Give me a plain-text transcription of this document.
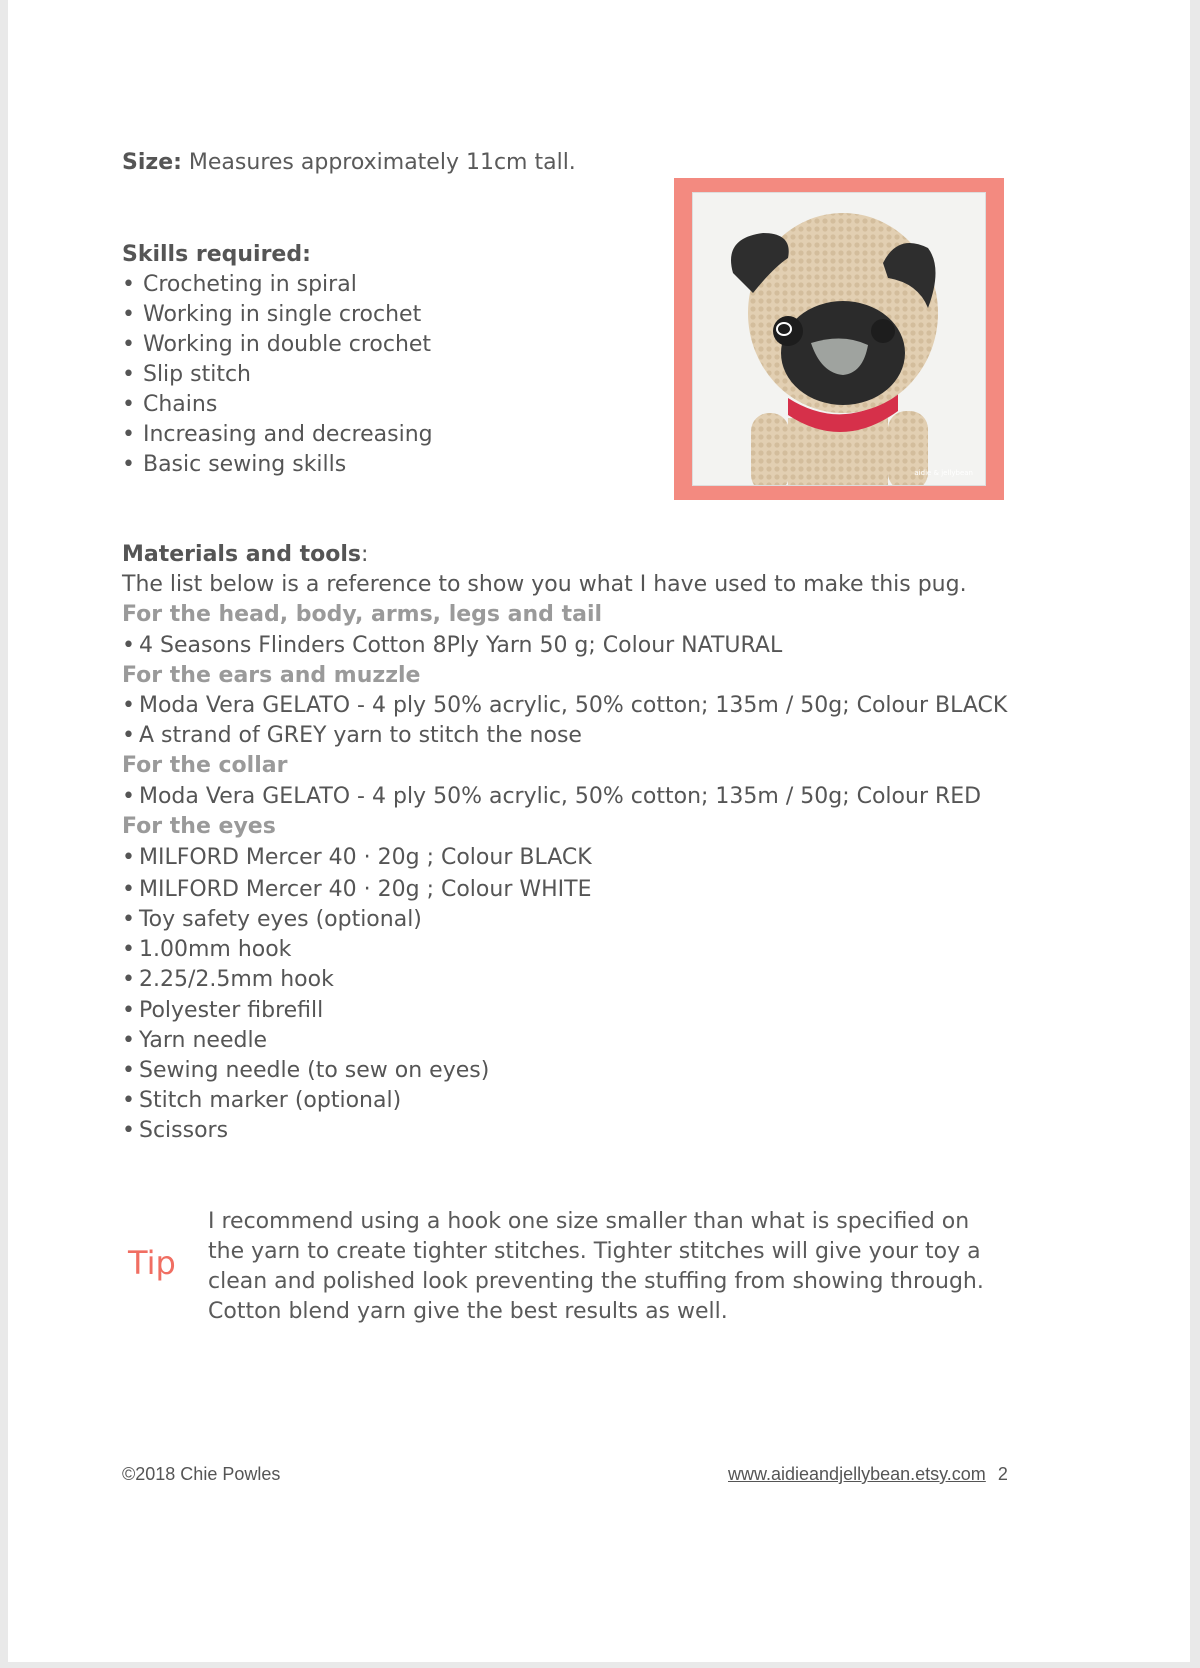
Size: Measures approximately 11cm tall.
Skills required:
• Crocheting in spiral
• Working in single crochet
• Working in double crochet
• Slip stitch
• Chains
• Increasing and decreasing
• Basic sewing skills	aidie & jellybean
Materials and tools:
The list below is a reference to show you what I have used to make this pug.
For the head, body, arms, legs and tail
• 4 Seasons Flinders Cotton 8Ply Yarn 50 g; Colour NATURAL
For the ears and muzzle
• Moda Vera GELATO - 4 ply 50% acrylic, 50% cotton; 135m / 50g; Colour BLACK
• A strand of GREY yarn to stitch the nose
For the collar
• Moda Vera GELATO - 4 ply 50% acrylic, 50% cotton; 135m / 50g; Colour RED
For the eyes
• MILFORD Mercer 40 · 20g ; Colour BLACK
• MILFORD Mercer 40 · 20g ; Colour WHITE
• Toy safety eyes (optional)
• 1.00mm hook
• 2.25/2.5mm hook
• Polyester fibrefill
• Yarn needle
• Sewing needle (to sew on eyes)
• Stitch marker (optional)
• Scissors
Tip
I recommend using a hook one size smaller than what is specified on the yarn to create tighter stitches. Tighter stitches will give your toy a clean and polished look preventing the stuffing from showing through. Cotton blend yarn give the best results as well.
©2018 Chie Powles	www.aidieandjellybean.etsy.com 2
